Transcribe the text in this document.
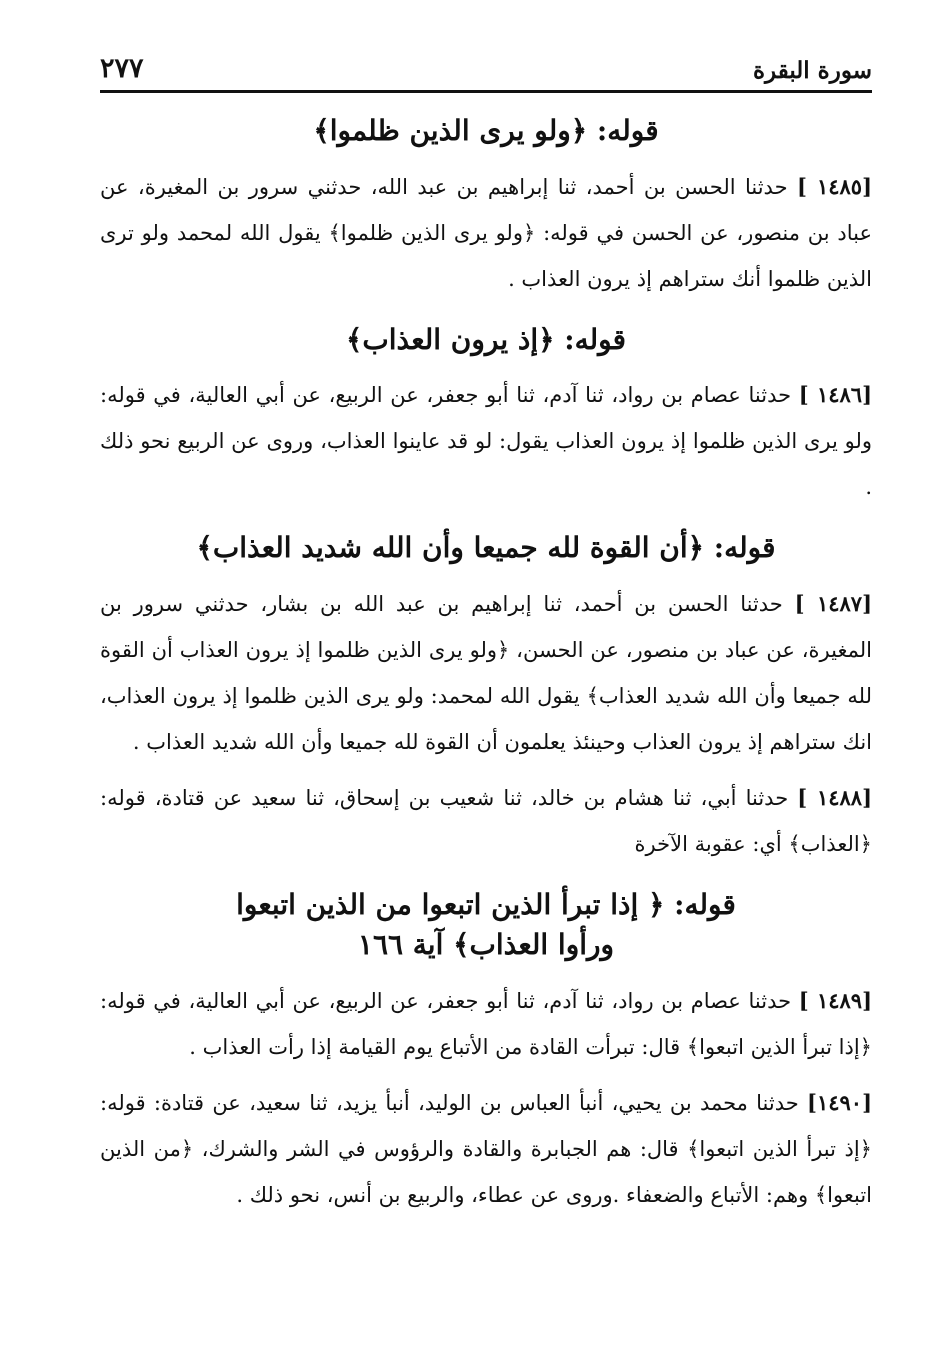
سورة البقرة
٢٧٧
قوله: ﴿ولو يرى الذين ظلموا﴾

[١٤٨٥ ] حدثنا الحسن بن أحمد، ثنا إبراهيم بن عبد الله، حدثني سرور بن المغيرة، عن عباد بن منصور، عن الحسن في قوله: ﴿ولو يرى الذين ظلموا﴾ يقول الله لمحمد ولو ترى الذين ظلموا أنك ستراهم إذ يرون العذاب .

قوله: ﴿إذ يرون العذاب﴾

[١٤٨٦ ] حدثنا عصام بن رواد، ثنا آدم، ثنا أبو جعفر، عن الربيع، عن أبي العالية، في قوله: ولو يرى الذين ظلموا إذ يرون العذاب يقول: لو قد عاينوا العذاب، وروى عن الربيع نحو ذلك .

قوله: ﴿أن القوة لله جميعا وأن الله شديد العذاب﴾

[١٤٨٧ ] حدثنا الحسن بن أحمد، ثنا إبراهيم بن عبد الله بن بشار، حدثني سرور بن المغيرة، عن عباد بن منصور، عن الحسن، ﴿ولو يرى الذين ظلموا إذ يرون العذاب أن القوة لله جميعا وأن الله شديد العذاب﴾ يقول الله لمحمد: ولو يرى الذين ظلموا إذ يرون العذاب، انك ستراهم إذ يرون العذاب وحينئذ يعلمون أن القوة لله جميعا وأن الله شديد العذاب .

[١٤٨٨ ] حدثنا أبي، ثنا هشام بن خالد، ثنا شعيب بن إسحاق، ثنا سعيد عن قتادة، قوله: ﴿العذاب﴾ أي: عقوبة الآخرة

قوله: ﴿ إذا تبرأ الذين اتبعوا من الذين اتبعوا
ورأوا العذاب﴾ آية ١٦٦

[١٤٨٩ ] حدثنا عصام بن رواد، ثنا آدم، ثنا أبو جعفر، عن الربيع، عن أبي العالية، في قوله: ﴿إذا تبرأ الذين اتبعوا﴾ قال: تبرأت القادة من الأتباع يوم القيامة إذا رأت العذاب .

[١٤٩٠] حدثنا محمد بن يحيي، أنبأ العباس بن الوليد، أنبأ يزيد، ثنا سعيد، عن قتادة: قوله: ﴿إذ تبرأ الذين اتبعوا﴾ قال: هم الجبابرة والقادة والرؤوس في الشر والشرك، ﴿من الذين اتبعوا﴾ وهم: الأتباع والضعفاء .وروى عن عطاء، والربيع بن أنس، نحو ذلك .
